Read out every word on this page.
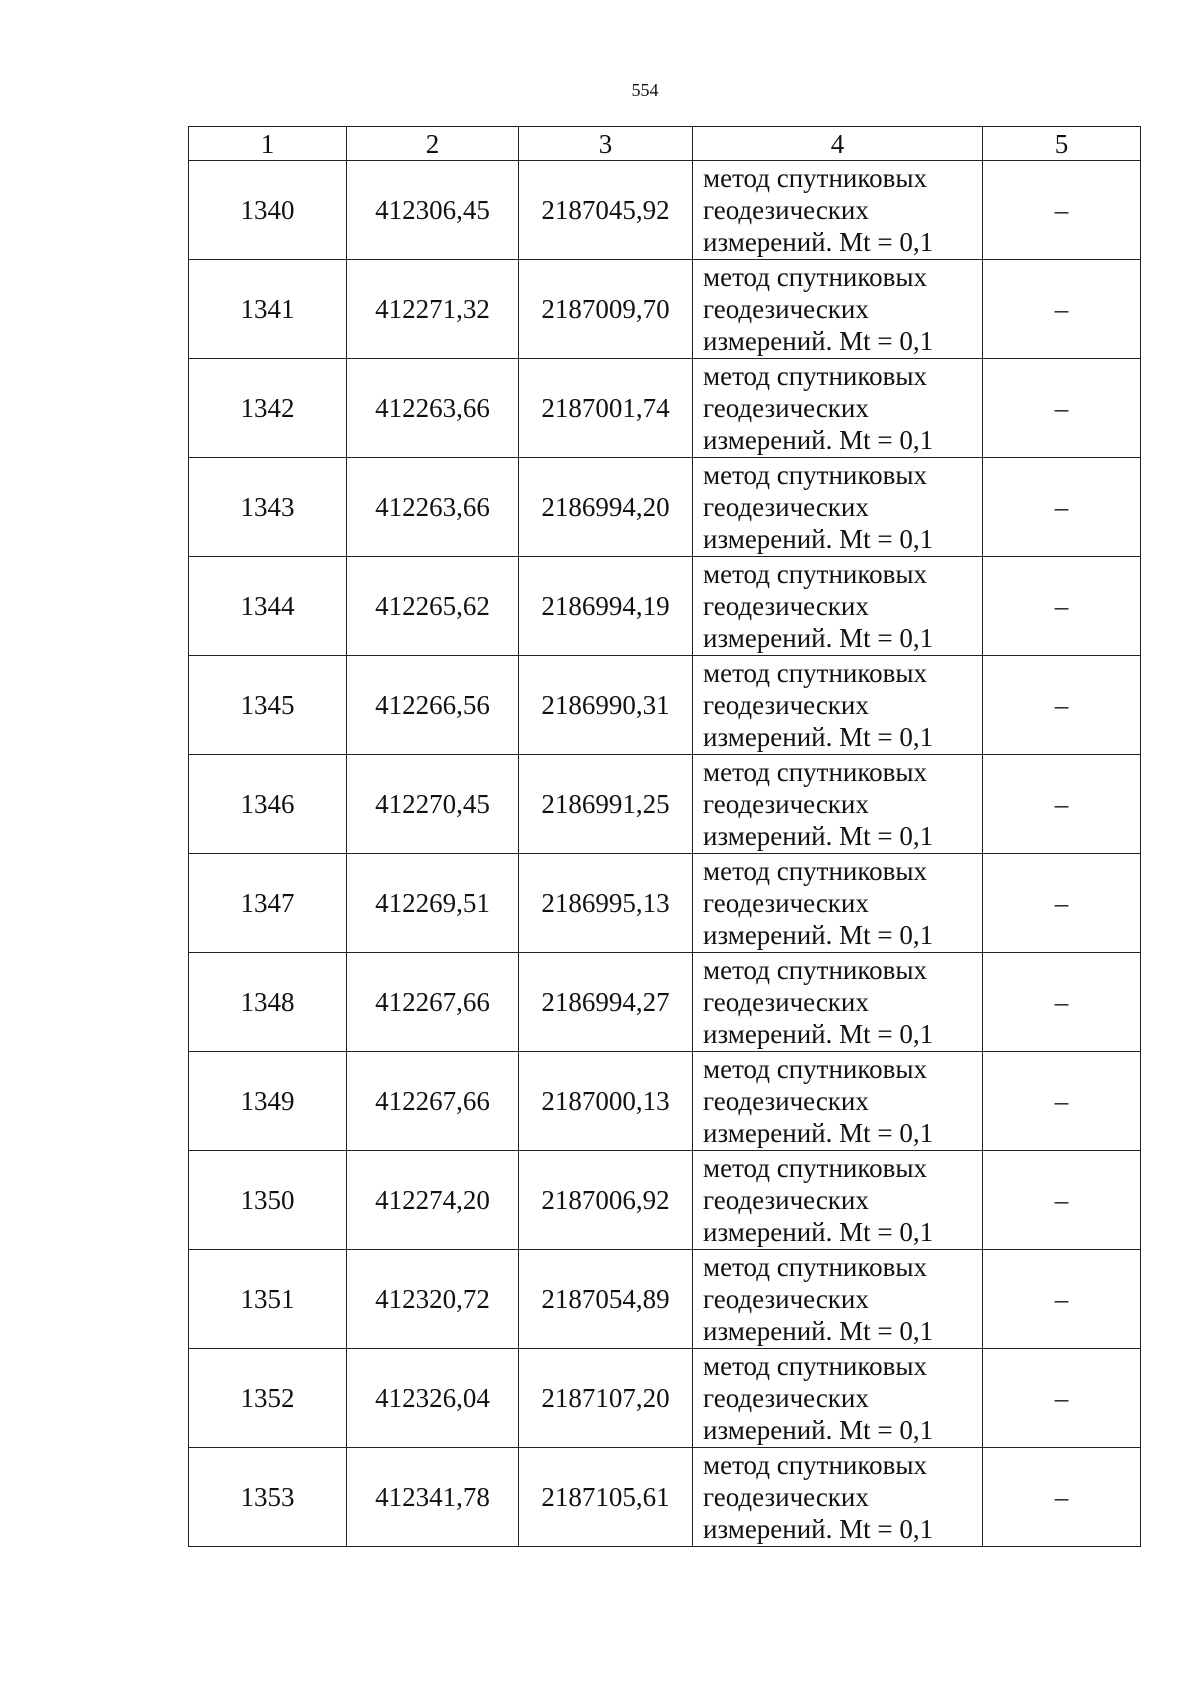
554
1	2	3	4	5
1340	412306,45	2187045,92	метод спутниковых
геодезических
измерений. Mt = 0,1	–
1341	412271,32	2187009,70	метод спутниковых
геодезических
измерений. Mt = 0,1	–
1342	412263,66	2187001,74	метод спутниковых
геодезических
измерений. Mt = 0,1	–
1343	412263,66	2186994,20	метод спутниковых
геодезических
измерений. Mt = 0,1	–
1344	412265,62	2186994,19	метод спутниковых
геодезических
измерений. Mt = 0,1	–
1345	412266,56	2186990,31	метод спутниковых
геодезических
измерений. Mt = 0,1	–
1346	412270,45	2186991,25	метод спутниковых
геодезических
измерений. Mt = 0,1	–
1347	412269,51	2186995,13	метод спутниковых
геодезических
измерений. Mt = 0,1	–
1348	412267,66	2186994,27	метод спутниковых
геодезических
измерений. Mt = 0,1	–
1349	412267,66	2187000,13	метод спутниковых
геодезических
измерений. Mt = 0,1	–
1350	412274,20	2187006,92	метод спутниковых
геодезических
измерений. Mt = 0,1	–
1351	412320,72	2187054,89	метод спутниковых
геодезических
измерений. Mt = 0,1	–
1352	412326,04	2187107,20	метод спутниковых
геодезических
измерений. Mt = 0,1	–
1353	412341,78	2187105,61	метод спутниковых
геодезических
измерений. Mt = 0,1	–
